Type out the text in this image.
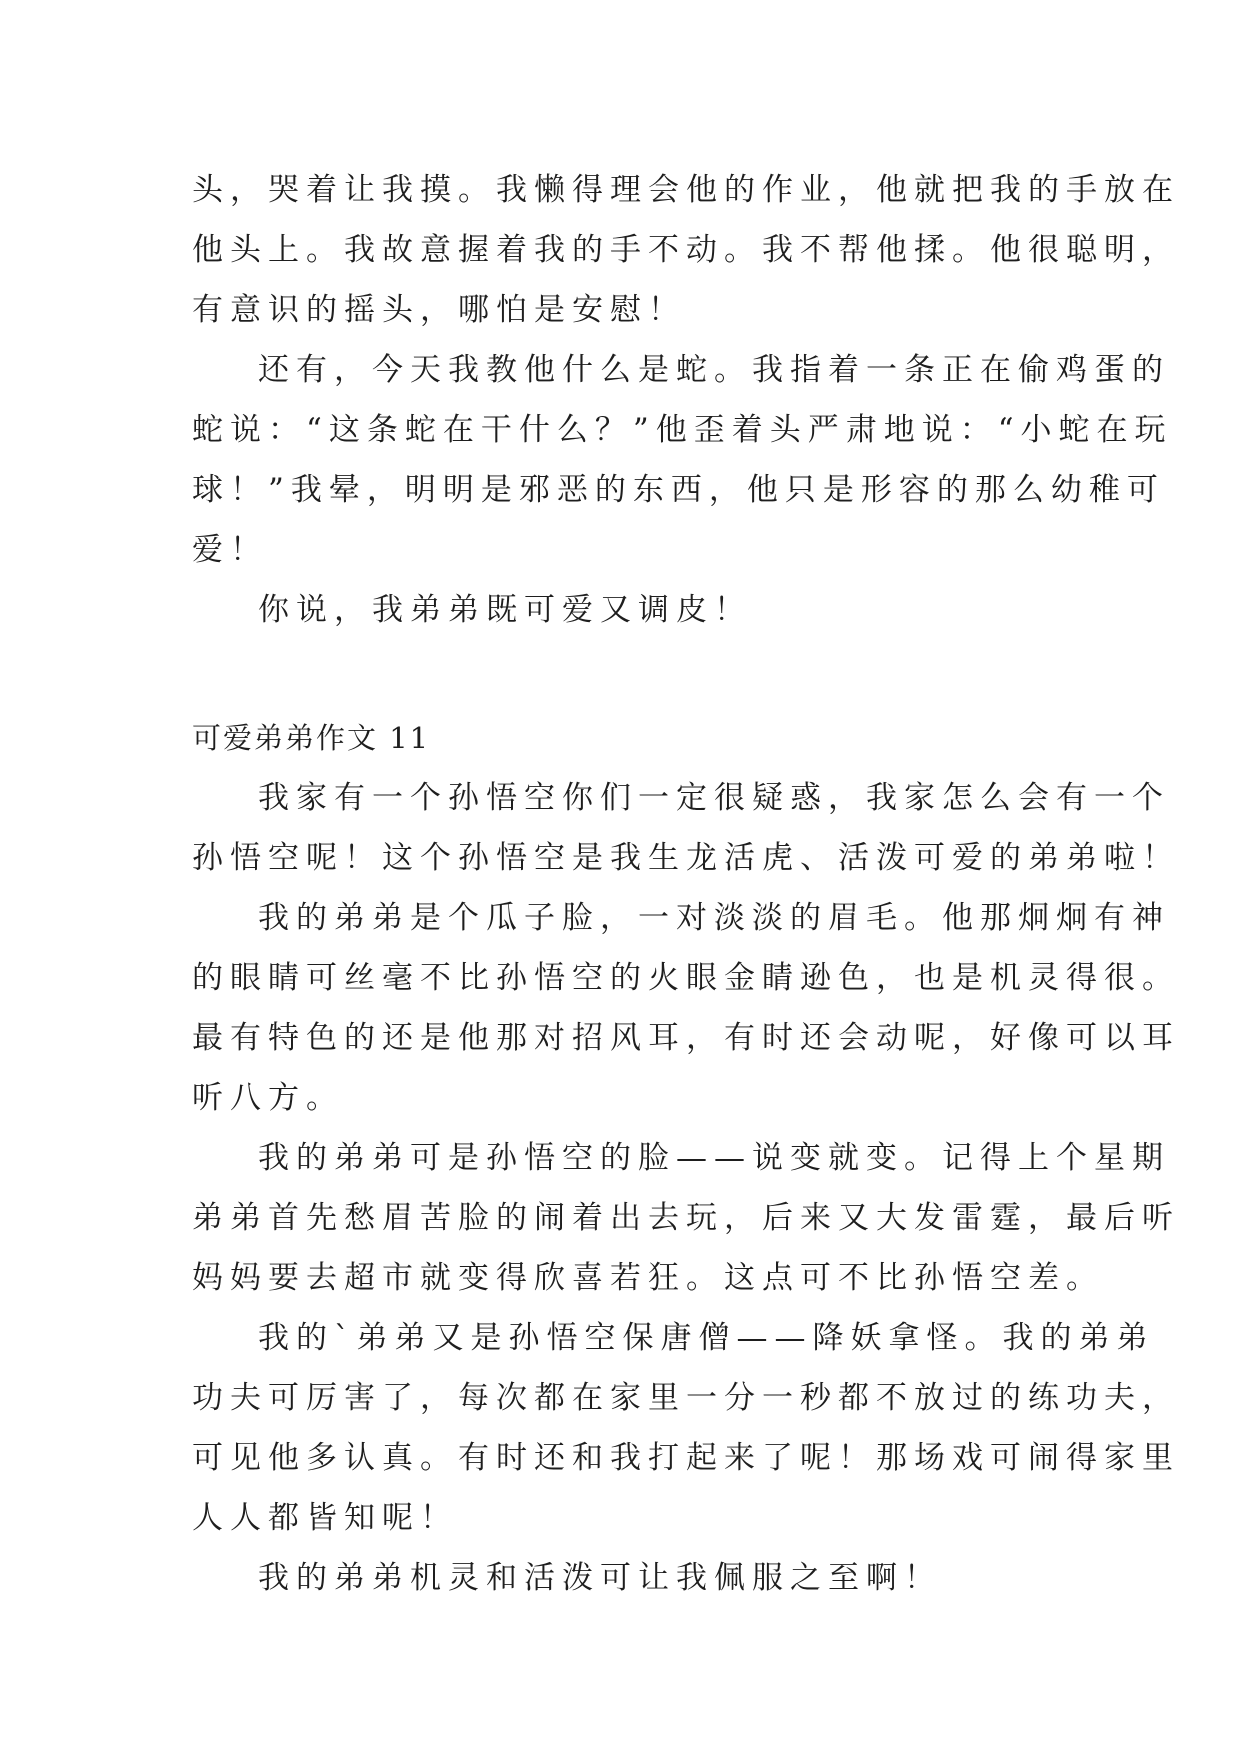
头，哭着让我摸。我懒得理会他的作业，他就把我的手放在
他头上。我故意握着我的手不动。我不帮他揉。他很聪明，
有意识的摇头，哪怕是安慰！
还有，今天我教他什么是蛇。我指着一条正在偷鸡蛋的
蛇说：“这条蛇在干什么？”他歪着头严肃地说：“小蛇在玩
球！”我晕，明明是邪恶的东西，他只是形容的那么幼稚可
爱！
你说，我弟弟既可爱又调皮！
可爱弟弟作文 11
我家有一个孙悟空你们一定很疑惑，我家怎么会有一个
孙悟空呢！这个孙悟空是我生龙活虎、活泼可爱的弟弟啦！
我的弟弟是个瓜子脸，一对淡淡的眉毛。他那炯炯有神
的眼睛可丝毫不比孙悟空的火眼金睛逊色，也是机灵得很。
最有特色的还是他那对招风耳，有时还会动呢，好像可以耳
听八方。
我的弟弟可是孙悟空的脸——说变就变。记得上个星期
弟弟首先愁眉苦脸的闹着出去玩，后来又大发雷霆，最后听
妈妈要去超市就变得欣喜若狂。这点可不比孙悟空差。
我的`弟弟又是孙悟空保唐僧——降妖拿怪。我的弟弟
功夫可厉害了，每次都在家里一分一秒都不放过的练功夫，
可见他多认真。有时还和我打起来了呢！那场戏可闹得家里
人人都皆知呢！
我的弟弟机灵和活泼可让我佩服之至啊！
